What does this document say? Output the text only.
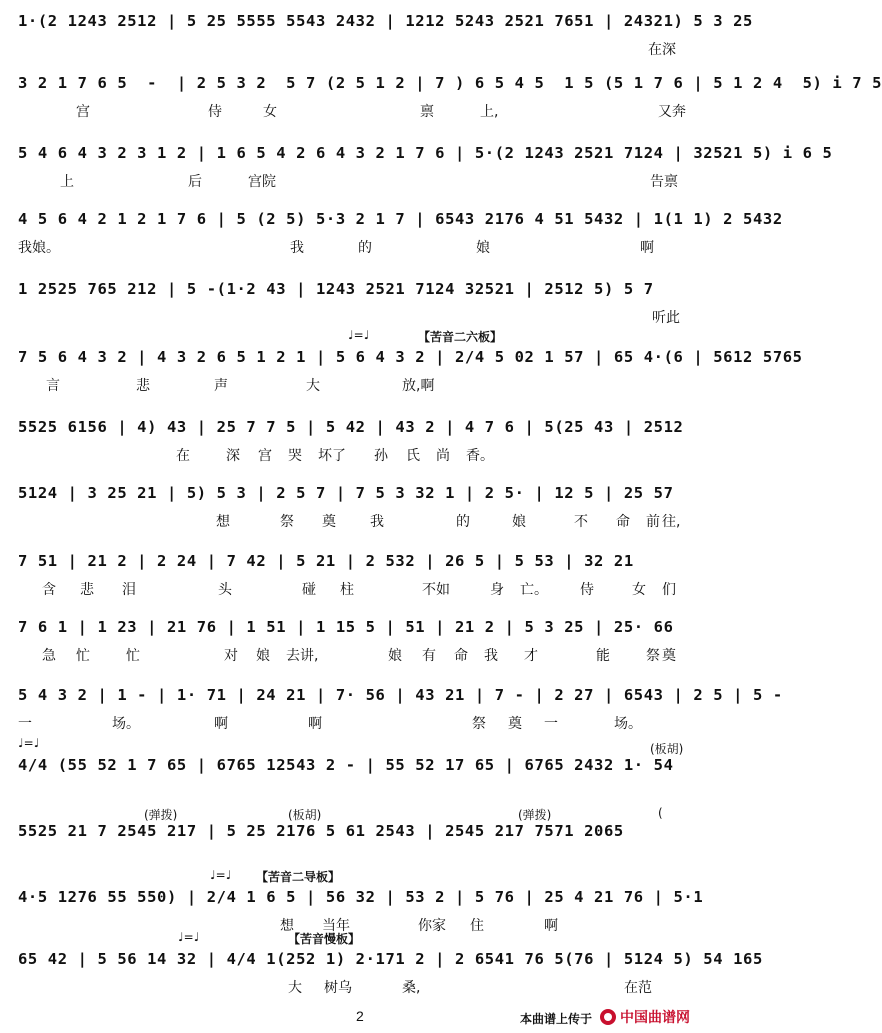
1·(2 1243 2512 | 5 25 5555 5543 2432 | 1212 5243 2521 7651 | 24321) 5 3 25
在 深
3 2 1 7 6 5  -  | 2 5 3 2  5 7 (2 5 1 2 | 7 ) 6 5 4 5  1 5 (5 1 7 6 | 5 1 2 4  5) i 7 5
宫	侍	女	禀	上,	又奔
5 4 6 4 3 2 3 1 2 | 1 6 5 4 2 6 4 3 2 1 7 6 | 5·(2 1243 2521 7124 | 32521 5) i 6 5
上	后	宫院	告禀
4 5 6 4 2 1 2 1 7 6 | 5 (2 5) 5·3 2 1 7 | 6543 2176 4 51 5432 | 1(1 1) 2 5432
我娘。	我	的	娘	啊
1 2525 765 212 | 5 -(1·2 43 | 1243 2521 7124 32521 | 2512 5) 5 7
听此
7 5 6 4 3 2 | 4 3 2 6 5 1 2 1 | 5 6 4 3 2 | 2/4 5 02 1 57 | 65 4·(6 | 5612 5765
♩=♩	【苦音二六板】
言	悲	声	大	放,啊
5525 6156 | 4) 43 | 25 7 7 5 | 5 42 | 43 2 | 4 7 6 | 5(25 43 | 2512
在	深 宫 哭 坏了 孙 氏 尚 香。
5124 | 3 25 21 | 5) 5 3 | 2 5 7 | 7 5 3 32 1 | 2 5· | 12 5 | 25 57
想	祭 奠 我	的	娘	不 命 前 往,
7 51 | 21 2 | 2 24 | 7 42 | 5 21 | 2 532 | 26 5 | 5 53 | 32 21
含 悲 泪	头	碰 柱	不如	身 亡。 侍	女 们
7 6 1 | 1 23 | 21 76 | 1 51 | 1 15 5 | 51 | 21 2 | 5 3 25 | 25· 66
急 忙	忙	对 娘 去讲,	娘 有 命 我 才	能	祭 奠
5 4 3 2 | 1 - | 1· 71 | 24 21 | 7· 56 | 43 21 | 7 - | 2 27 | 6543 | 2 5 | 5 -
一	场。	啊	啊	祭 奠 一	场。
4/4 (55 52 1 7 65 | 6765 12543 2 - | 55 52 17 65 | 6765 2432 1· 54
♩=♩	(板胡)
5525 21 7 2545 217 | 5 25 2176 5 61 2543 | 2545 217 7571 2065
(弹拨)	(板胡)	(弹拨)	(
4·5 1276 55 550) | 2/4 1 6 5 | 56 32 | 53 2 | 5 76 | 25 4 21 76 | 5·1
♩=♩ 【苦音二导板】
想 当年	你家 住	啊
65 42 | 5 56 14 32 | 4/4 1(252 1) 2·171 2 | 2 6541 76 5(76 | 5124 5) 54 165
♩=♩	【苦音慢板】
大 树乌	桑,	在范
2	本曲谱上传于 中国曲谱网
